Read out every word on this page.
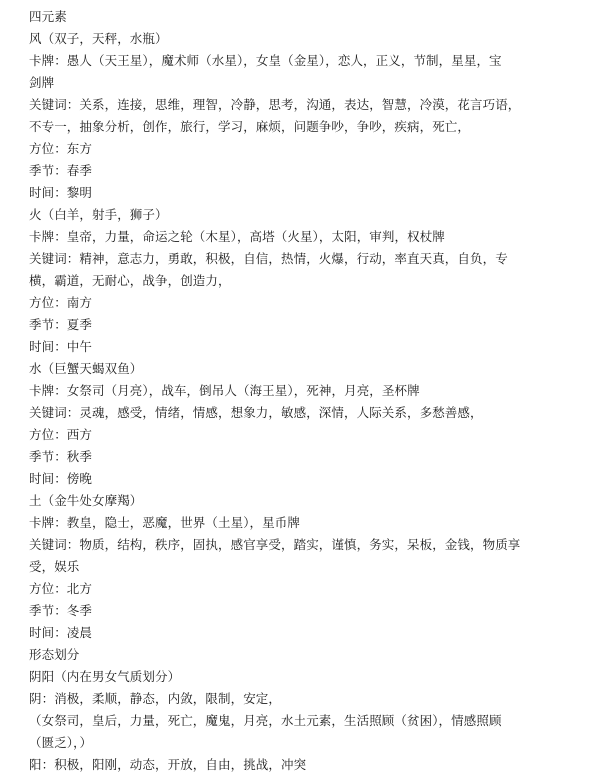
四元素
风（双子，天秤，水瓶）
卡牌：愚人（天王星），魔术师（水星），女皇（金星），恋人，正义，节制，星星，宝
剑牌
关键词：关系，连接，思维，理智，冷静，思考，沟通，表达，智慧，冷漠，花言巧语，
不专一，抽象分析，创作，旅行，学习，麻烦，问题争吵，争吵，疾病，死亡，
方位：东方
季节：春季
时间：黎明
火（白羊，射手，狮子）
卡牌：皇帝，力量，命运之轮（木星），高塔（火星），太阳，审判，权杖牌
关键词：精神，意志力，勇敢，积极，自信，热情，火爆，行动，率直天真，自负，专
横，霸道，无耐心，战争，创造力，
方位：南方
季节：夏季
时间：中午
水（巨蟹天蝎双鱼）
卡牌：女祭司（月亮），战车，倒吊人（海王星），死神，月亮，圣杯牌
关键词：灵魂，感受，情绪，情感，想象力，敏感，深情，人际关系，多愁善感，
方位：西方
季节：秋季
时间：傍晚
土（金牛处女摩羯）
卡牌：教皇，隐士，恶魔，世界（土星），星币牌
关键词：物质，结构，秩序，固执，感官享受，踏实，谨慎，务实，呆板，金钱，物质享
受，娱乐
方位：北方
季节：冬季
时间：凌晨
形态划分
阴阳（内在男女气质划分）
阴：消极，柔顺，静态，内敛，限制，安定，
（女祭司，皇后，力量，死亡，魔鬼，月亮，水土元素，生活照顾（贫困），情感照顾
（匮乏），）
阳：积极，阳刚，动态，开放，自由，挑战，冲突
